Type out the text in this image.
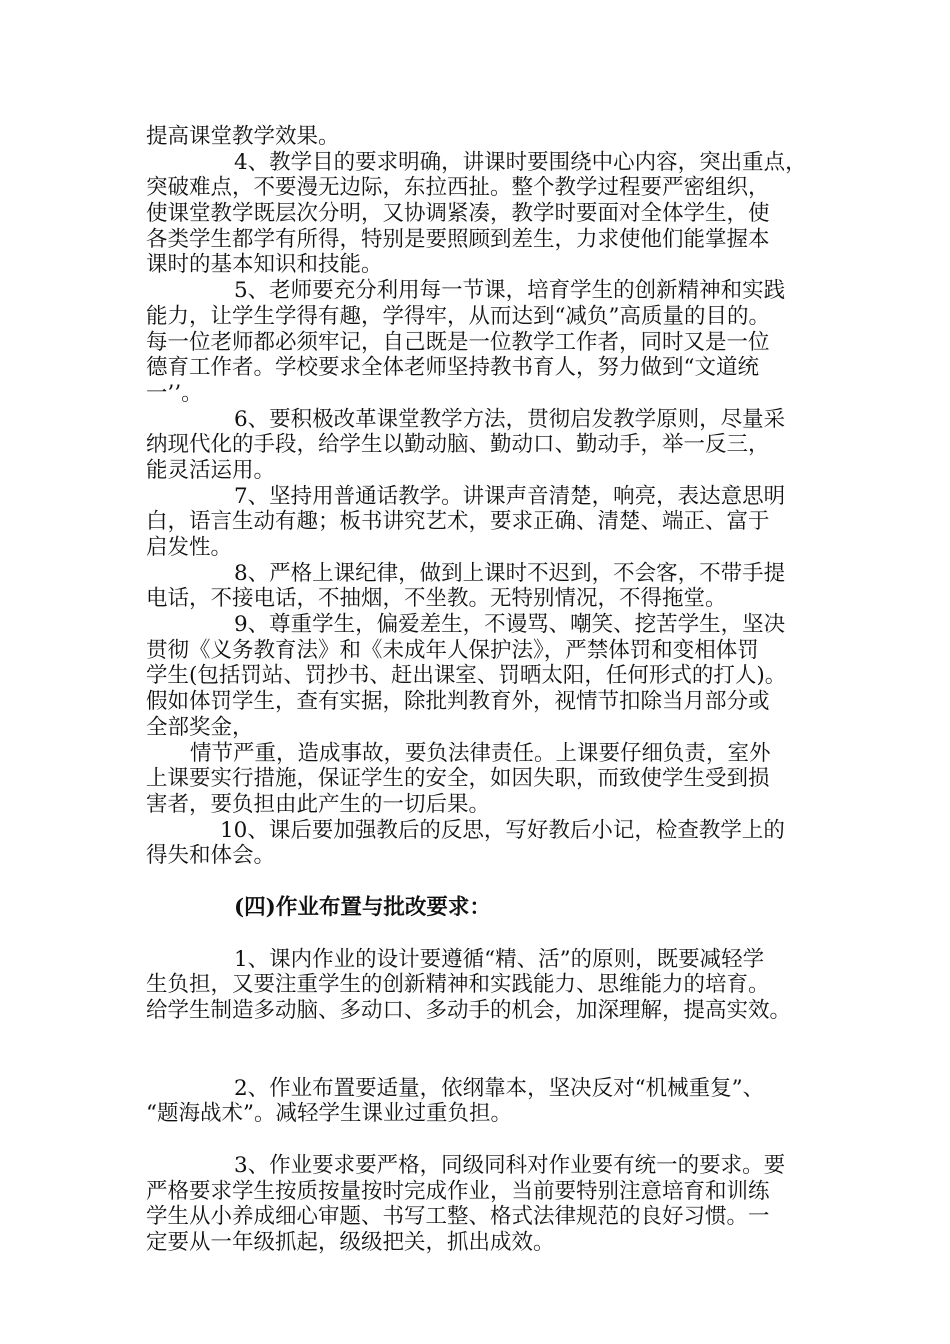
提高课堂教学效果。
4、教学目的要求明确，讲课时要围绕中心内容，突出重点，
突破难点，不要漫无边际，东拉西扯。整个教学过程要严密组织，
使课堂教学既层次分明，又协调紧凑，教学时要面对全体学生，使
各类学生都学有所得，特别是要照顾到差生，力求使他们能掌握本
课时的基本知识和技能。
5、老师要充分利用每一节课，培育学生的创新精神和实践
能力，让学生学得有趣，学得牢，从而达到“减负”高质量的目的。
每一位老师都必须牢记，自己既是一位教学工作者，同时又是一位
德育工作者。学校要求全体老师坚持教书育人，努力做到“文道统
一’’。
6、要积极改革课堂教学方法，贯彻启发教学原则，尽量采
纳现代化的手段，给学生以勤动脑、勤动口、勤动手，举一反三，
能灵活运用。
7、坚持用普通话教学。讲课声音清楚，响亮，表达意思明
白，语言生动有趣；板书讲究艺术，要求正确、清楚、端正、富于
启发性。
8、严格上课纪律，做到上课时不迟到，不会客，不带手提
电话，不接电话，不抽烟，不坐教。无特别情况，不得拖堂。
9、尊重学生，偏爱差生，不谩骂、嘲笑、挖苦学生，坚决
贯彻《义务教育法》和《未成年人保护法》，严禁体罚和变相体罚
学生(包括罚站、罚抄书、赶出课室、罚晒太阳，任何形式的打人)。
假如体罚学生，查有实据，除批判教育外，视情节扣除当月部分或
全部奖金，
情节严重，造成事故，要负法律责任。上课要仔细负责，室外
上课要实行措施，保证学生的安全，如因失职，而致使学生受到损
害者，要负担由此产生的一切后果。
10、课后要加强教后的反思，写好教后小记，检查教学上的
得失和体会。
(四)作业布置与批改要求：
1、课内作业的设计要遵循“精、活”的原则，既要减轻学
生负担，又要注重学生的创新精神和实践能力、思维能力的培育。
给学生制造多动脑、多动口、多动手的机会，加深理解，提高实效。
2、作业布置要适量，依纲靠本，坚决反对“机械重复”、
“题海战术”。减轻学生课业过重负担。
3、作业要求要严格，同级同科对作业要有统一的要求。要
严格要求学生按质按量按时完成作业，当前要特别注意培育和训练
学生从小养成细心审题、书写工整、格式法律规范的良好习惯。一
定要从一年级抓起，级级把关，抓出成效。
